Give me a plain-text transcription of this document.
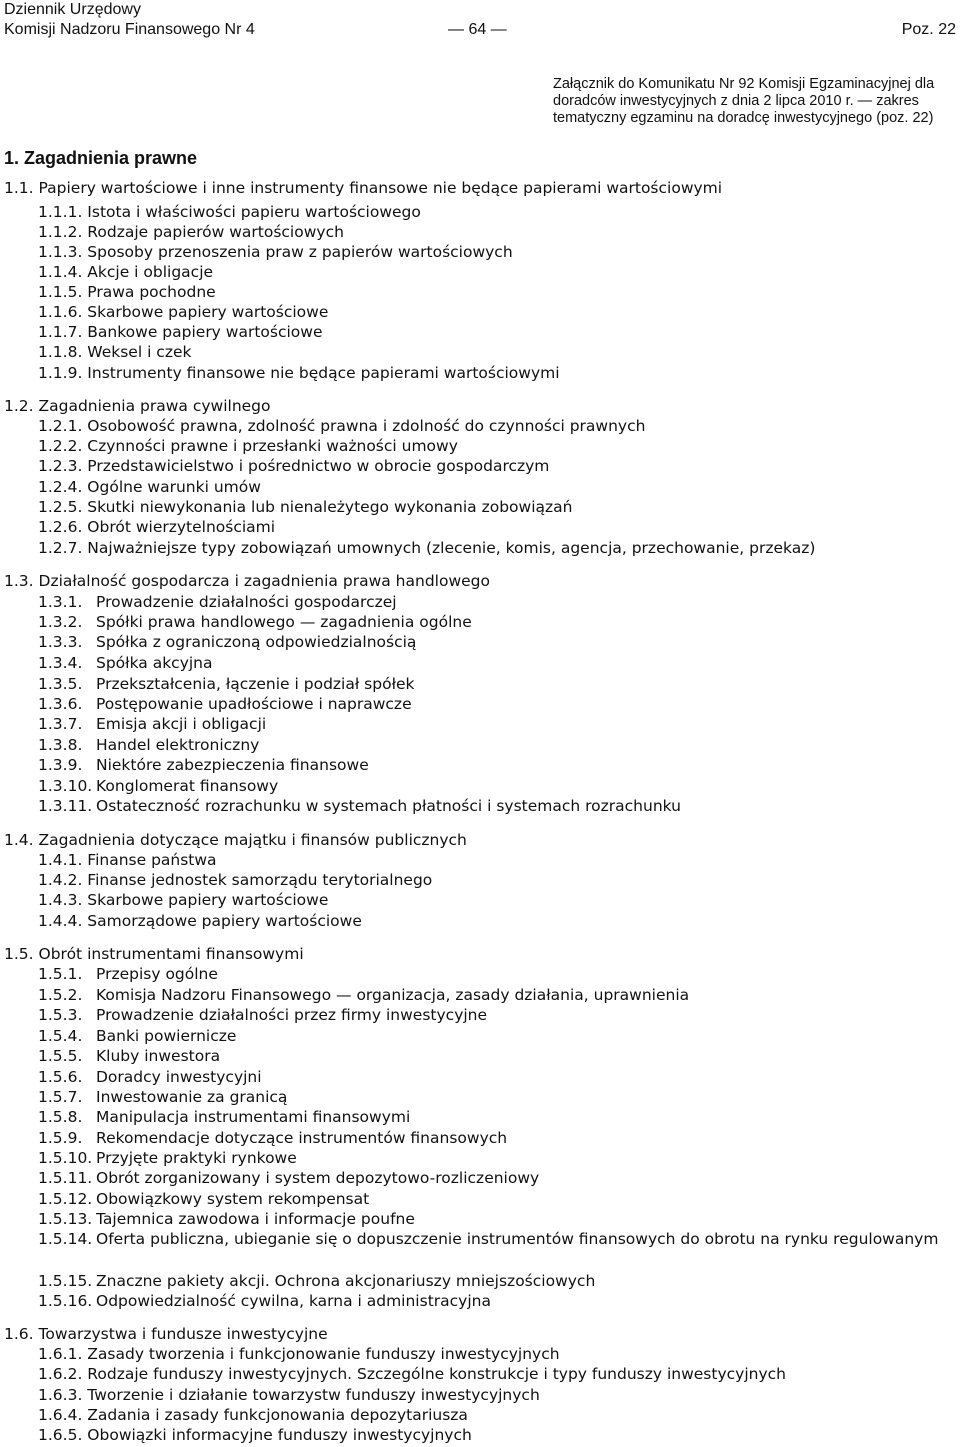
Dziennik Urzędowy
Komisji Nadzoru Finansowego Nr 4	— 64 —	Poz. 22
Załącznik do Komunikatu Nr 92 Komisji Egzaminacyjnej dla
doradców inwestycyjnych z dnia 2 lipca 2010 r. — zakres
tematyczny egzaminu na doradcę inwestycyjnego (poz. 22)
1. Zagadnienia prawne
1.1. Papiery wartościowe i inne instrumenty finansowe nie będące papierami wartościowymi
1.1.1. Istota i właściwości papieru wartościowego
1.1.2. Rodzaje papierów wartościowych
1.1.3. Sposoby przenoszenia praw z papierów wartościowych
1.1.4. Akcje i obligacje
1.1.5. Prawa pochodne
1.1.6. Skarbowe papiery wartościowe
1.1.7. Bankowe papiery wartościowe
1.1.8. Weksel i czek
1.1.9. Instrumenty finansowe nie będące papierami wartościowymi
1.2. Zagadnienia prawa cywilnego
1.2.1. Osobowość prawna, zdolność prawna i zdolność do czynności prawnych
1.2.2. Czynności prawne i przesłanki ważności umowy
1.2.3. Przedstawicielstwo i pośrednictwo w obrocie gospodarczym
1.2.4. Ogólne warunki umów
1.2.5. Skutki niewykonania lub nienależytego wykonania zobowiązań
1.2.6. Obrót wierzytelnościami
1.2.7. Najważniejsze typy zobowiązań umownych (zlecenie, komis, agencja, przechowanie, przekaz)
1.3. Działalność gospodarcza i zagadnienia prawa handlowego
1.3.1. Prowadzenie działalności gospodarczej
1.3.2. Spółki prawa handlowego — zagadnienia ogólne
1.3.3. Spółka z ograniczoną odpowiedzialnością
1.3.4. Spółka akcyjna
1.3.5. Przekształcenia, łączenie i podział spółek
1.3.6. Postępowanie upadłościowe i naprawcze
1.3.7. Emisja akcji i obligacji
1.3.8. Handel elektroniczny
1.3.9. Niektóre zabezpieczenia finansowe
1.3.10. Konglomerat finansowy
1.3.11. Ostateczność rozrachunku w systemach płatności i systemach rozrachunku
1.4. Zagadnienia dotyczące majątku i finansów publicznych
1.4.1. Finanse państwa
1.4.2. Finanse jednostek samorządu terytorialnego
1.4.3. Skarbowe papiery wartościowe
1.4.4. Samorządowe papiery wartościowe
1.5. Obrót instrumentami finansowymi
1.5.1. Przepisy ogólne
1.5.2. Komisja Nadzoru Finansowego — organizacja, zasady działania, uprawnienia
1.5.3. Prowadzenie działalności przez firmy inwestycyjne
1.5.4. Banki powiernicze
1.5.5. Kluby inwestora
1.5.6. Doradcy inwestycyjni
1.5.7. Inwestowanie za granicą
1.5.8. Manipulacja instrumentami finansowymi
1.5.9. Rekomendacje dotyczące instrumentów finansowych
1.5.10. Przyjęte praktyki rynkowe
1.5.11. Obrót zorganizowany i system depozytowo-rozliczeniowy
1.5.12. Obowiązkowy system rekompensat
1.5.13. Tajemnica zawodowa i informacje poufne
1.5.14. Oferta publiczna, ubieganie się o dopuszczenie instrumentów finansowych do obrotu na rynku regulowanym
1.5.15. Znaczne pakiety akcji. Ochrona akcjonariuszy mniejszościowych
1.5.16. Odpowiedzialność cywilna, karna i administracyjna
1.6. Towarzystwa i fundusze inwestycyjne
1.6.1. Zasady tworzenia i funkcjonowanie funduszy inwestycyjnych
1.6.2. Rodzaje funduszy inwestycyjnych. Szczególne konstrukcje i typy funduszy inwestycyjnych
1.6.3. Tworzenie i działanie towarzystw funduszy inwestycyjnych
1.6.4. Zadania i zasady funkcjonowania depozytariusza
1.6.5. Obowiązki informacyjne funduszy inwestycyjnych
